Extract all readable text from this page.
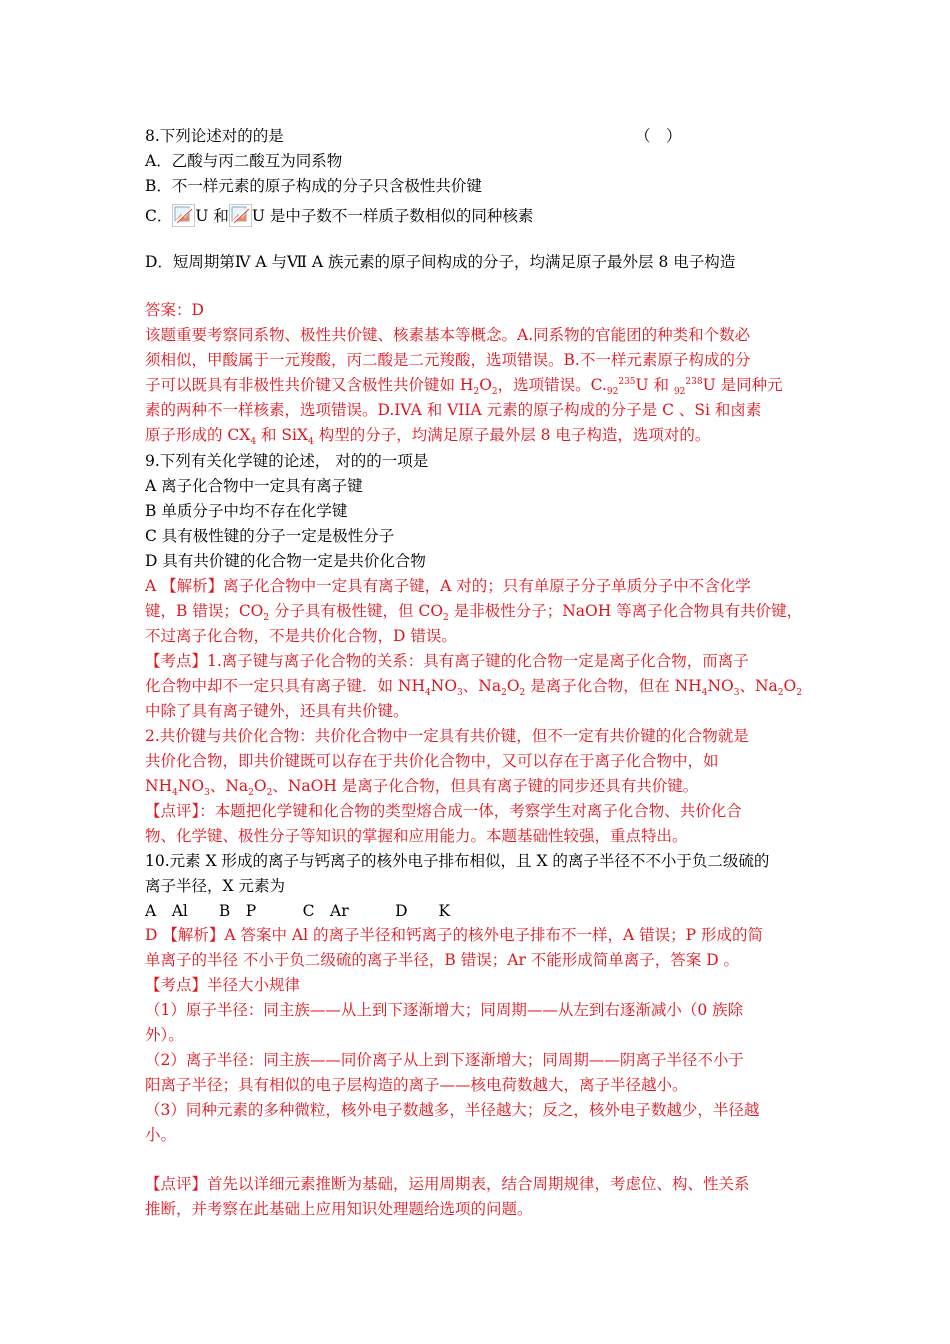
8.下列论述对的的是	（　）
A．乙酸与丙二酸互为同系物
B．不一样元素的原子构成的分子只含极性共价键
C． U 和 U 是中子数不一样质子数相似的同种核素
D．短周期第Ⅳ A 与Ⅶ A 族元素的原子间构成的分子，均满足原子最外层 8 电子构造
答案：D
该题重要考察同系物、极性共价键、核素基本等概念。A.同系物的官能团的种类和个数必
须相似，甲酸属于一元羧酸，丙二酸是二元羧酸，选项错误。B.不一样元素原子构成的分
子可以既具有非极性共价键又含极性共价键如 $H_2O_2$，选项错误。$C._{92}^{235}U$ 和 $_{92}^{238}$U 是同种元
素的两种不一样核素，选项错误。D.IVA 和 VIIA 元素的原子构成的分子是 C 、Si 和卤素
原子形成的 $CX_4$ 和 SiX$_4$ 构型的分子，均满足原子最外层 8 电子构造，选项对的。
9.下列有关化学键的论述， 对的的一项是
A 离子化合物中一定具有离子键
B 单质分子中均不存在化学键
C 具有极性键的分子一定是极性分子
D 具有共价键的化合物一定是共价化合物
A 【解析】离子化合物中一定具有离子键，A 对的；只有单原子分子单质分子中不含化学
键，B 错误；$CO_2$ 分子具有极性键，但 $CO_2$ 是非极性分子；NaOH 等离子化合物具有共价键，
不过离子化合物，不是共价化合物，D 错误。
【考点】1.离子键与离子化合物的关系：具有离子键的化合物一定是离子化合物，而离子
化合物中却不一定只具有离子键．如 $NH_4NO_3$、$Na_2O_2$ 是离子化合物，但在 $NH_4NO_3$、$Na_2O_2$
中除了具有离子键外，还具有共价键。
2.共价键与共价化合物：共价化合物中一定具有共价键，但不一定有共价键的化合物就是
共价化合物，即共价键既可以存在于共价化合物中，又可以存在于离子化合物中，如
$NH_4NO_3$、$Na_2O_2$、NaOH 是离子化合物，但具有离子键的同步还具有共价键。
【点评】：本题把化学键和化合物的类型熔合成一体，考察学生对离子化合物、共价化合
物、化学键、极性分子等知识的掌握和应用能力。本题基础性较强，重点特出。
10.元素 X 形成的离子与钙离子的核外电子排布相似，且 X 的离子半径不不小于负二级硫的
离子半径，X 元素为
A　Al　　B　P　　　C　Ar　　　D　　K
D 【解析】A 答案中 Al 的离子半径和钙离子的核外电子排布不一样，A 错误；P 形成的简
单离子的半径 不小于负二级硫的离子半径，B 错误；Ar 不能形成简单离子，答案 D 。
【考点】半径大小规律
（1）原子半径：同主族——从上到下逐渐增大；同周期——从左到右逐渐减小（0 族除
外）。
（2）离子半径：同主族——同价离子从上到下逐渐增大；同周期——阴离子半径不小于
阳离子半径；具有相似的电子层构造的离子——核电荷数越大，离子半径越小。
（3）同种元素的多种微粒，核外电子数越多，半径越大；反之，核外电子数越少，半径越
小。
【点评】首先以详细元素推断为基础，运用周期表，结合周期规律，考虑位、构、性关系
推断，并考察在此基础上应用知识处理题给选项的问题。
